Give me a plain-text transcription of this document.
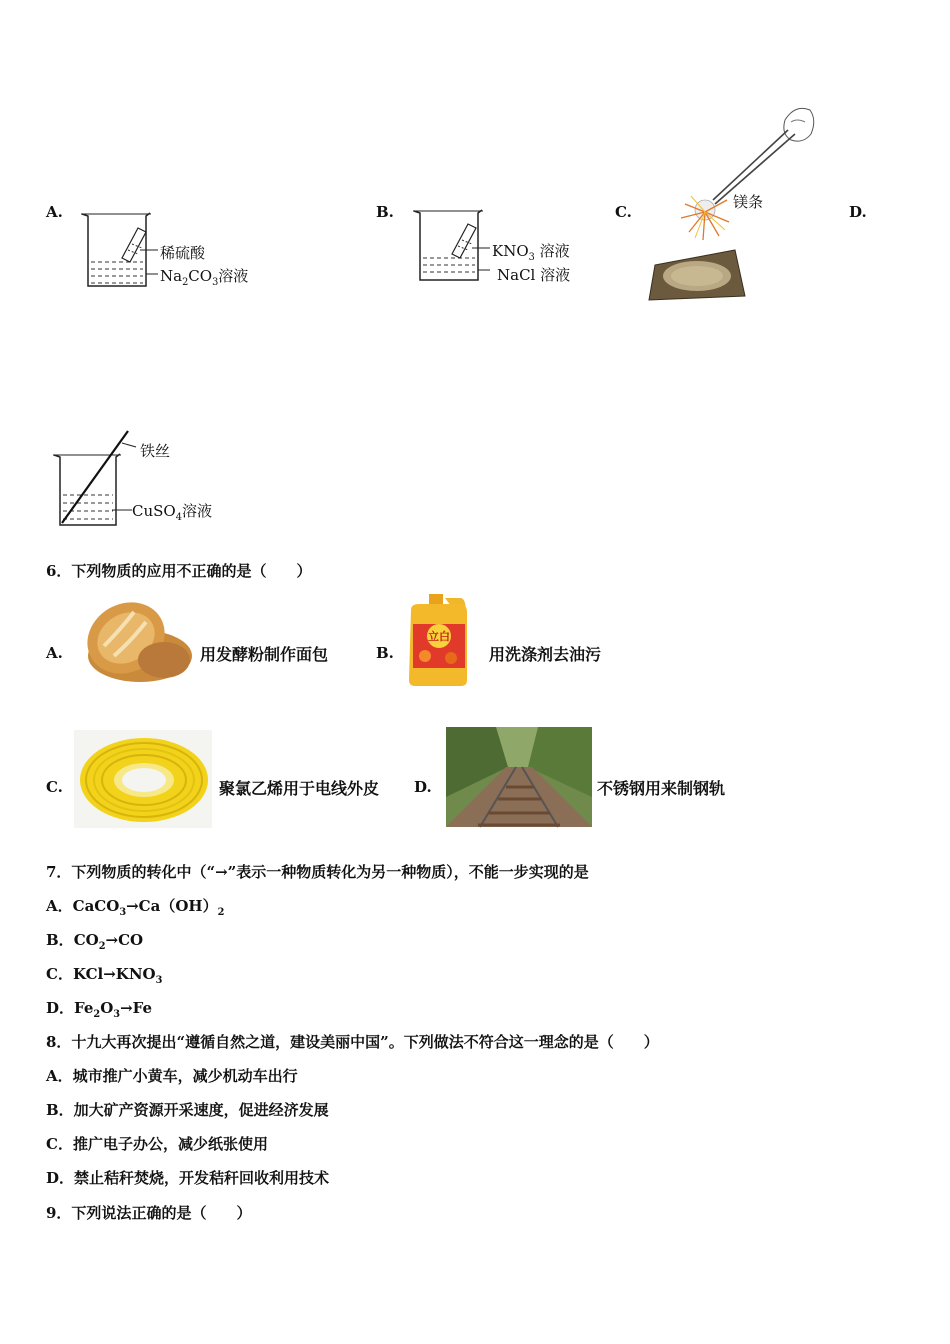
A.	B.	C.	D.
稀硫酸
$Na_2CO_3$溶液
$KNO_3$ 溶液
NaCl 溶液
镁条
铁丝
CuSO$_4$溶液
6．下列物质的应用不正确的是（　　）
A.	用发酵粉制作面包	B.
立白
用洗涤剂去油污
C.	聚氯乙烯用于电线外皮 D.	不锈钢用来制钢轨
7．下列物质的转化中（“→”表示一种物质转化为另一种物质），不能一步实现的是
A．$CaCO_3\to Ca(OH)_2$
B．$CO_2\to CO$
C．$KCl\to KNO_3$
D．$Fe_2O_3\to Fe$
8．十九大再次提出“遵循自然之道，建设美丽中国”。下列做法不符合这一理念的是（　　）
A．城市推广小黄车，减少机动车出行
B．加大矿产资源开采速度，促进经济发展
C．推广电子办公，减少纸张使用
D．禁止秸秆焚烧，开发秸秆回收利用技术
9．下列说法正确的是（　　）
